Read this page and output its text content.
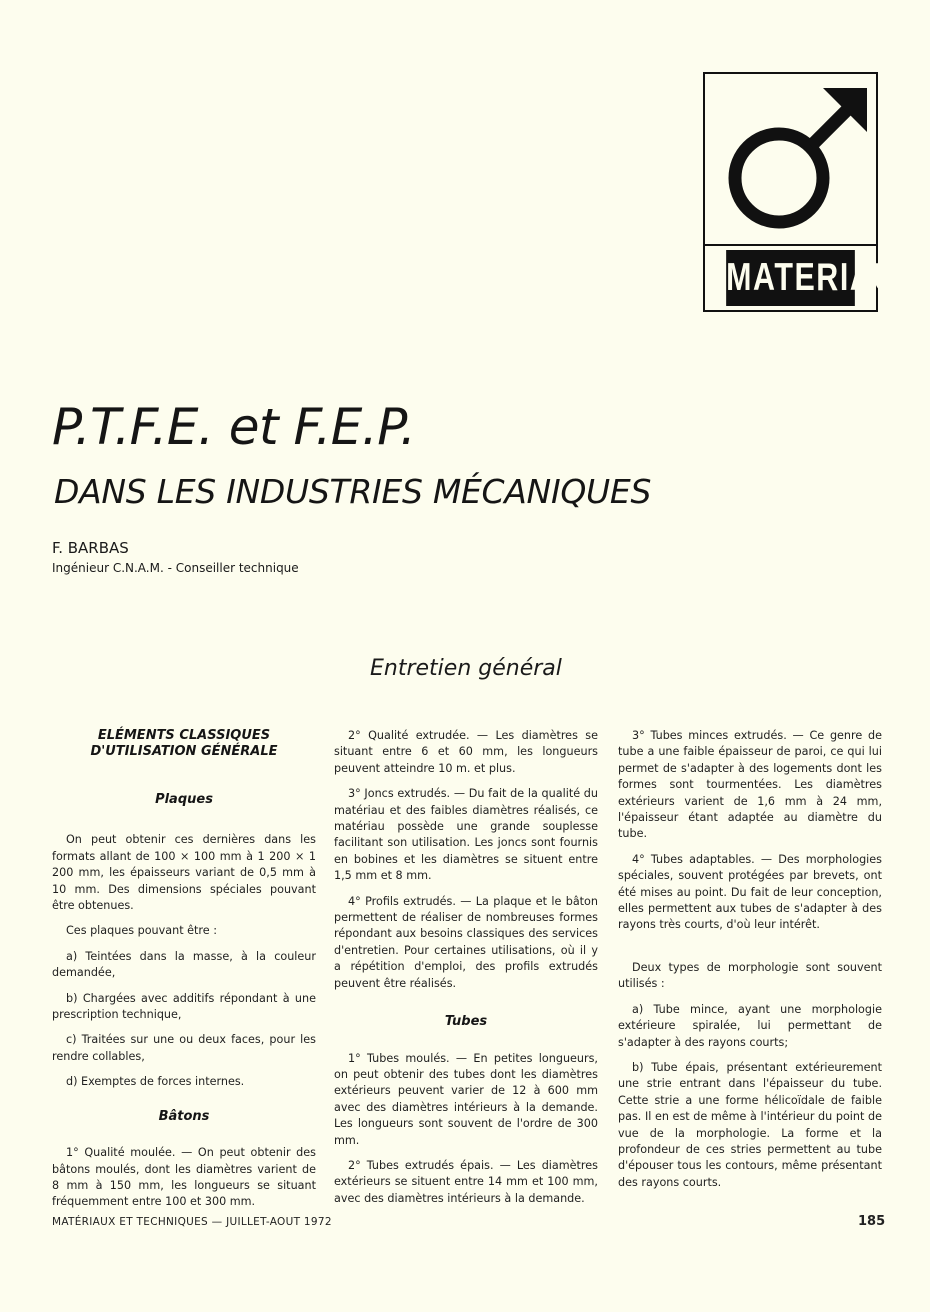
MATERIAUX
P.T.F.E. et F.E.P.
DANS LES INDUSTRIES MÉCANIQUES
F. BARBAS
Ingénieur C.N.A.M. - Conseiller technique
Entretien général
ELÉMENTS CLASSIQUES
D'UTILISATION GÉNÉRALE
Plaques

On peut obtenir ces dernières dans les formats allant de 100 × 100 mm à 1 200 × 1 200 mm, les épaisseurs variant de 0,5 mm à 10 mm. Des dimensions spéciales pouvant être obtenues.

Ces plaques pouvant être :

a) Teintées dans la masse, à la couleur demandée,

b) Chargées avec additifs répondant à une prescription technique,

c) Traitées sur une ou deux faces, pour les rendre collables,

d) Exemptes de forces internes.

Bâtons

1° Qualité moulée. — On peut obtenir des bâtons moulés, dont les diamètres varient de 8 mm à 150 mm, les longueurs se situant fréquemment entre 100 et 300 mm.

2° Qualité extrudée. — Les diamètres se situant entre 6 et 60 mm, les longueurs peuvent atteindre 10 m. et plus.

3° Joncs extrudés. — Du fait de la qualité du matériau et des faibles diamètres réalisés, ce matériau possède une grande souplesse facilitant son utilisation. Les joncs sont fournis en bobines et les diamètres se situent entre 1,5 mm et 8 mm.

4° Profils extrudés. — La plaque et le bâton permettent de réaliser de nombreuses formes répondant aux besoins classiques des services d'entretien. Pour certaines utilisations, où il y a répétition d'emploi, des profils extrudés peuvent être réalisés.

Tubes

1° Tubes moulés. — En petites longueurs, on peut obtenir des tubes dont les diamètres extérieurs peuvent varier de 12 à 600 mm avec des diamètres intérieurs à la demande. Les longueurs sont souvent de l'ordre de 300 mm.

2° Tubes extrudés épais. — Les diamètres extérieurs se situent entre 14 mm et 100 mm, avec des diamètres intérieurs à la demande.

3° Tubes minces extrudés. — Ce genre de tube a une faible épaisseur de paroi, ce qui lui permet de s'adapter à des logements dont les formes sont tourmentées. Les diamètres extérieurs varient de 1,6 mm à 24 mm, l'épaisseur étant adaptée au diamètre du tube.

4° Tubes adaptables. — Des morphologies spéciales, souvent protégées par brevets, ont été mises au point. Du fait de leur conception, elles permettent aux tubes de s'adapter à des rayons très courts, d'où leur intérêt.

Deux types de morphologie sont souvent utilisés :

a) Tube mince, ayant une morphologie extérieure spiralée, lui permettant de s'adapter à des rayons courts;

b) Tube épais, présentant extérieurement une strie entrant dans l'épaisseur du tube. Cette strie a une forme hélicoïdale de faible pas. Il en est de même à l'intérieur du point de vue de la morphologie. La forme et la profondeur de ces stries permettent au tube d'épouser tous les contours, même présentant des rayons courts.

MATÉRIAUX ET TECHNIQUES — JUILLET-AOUT 1972	185
